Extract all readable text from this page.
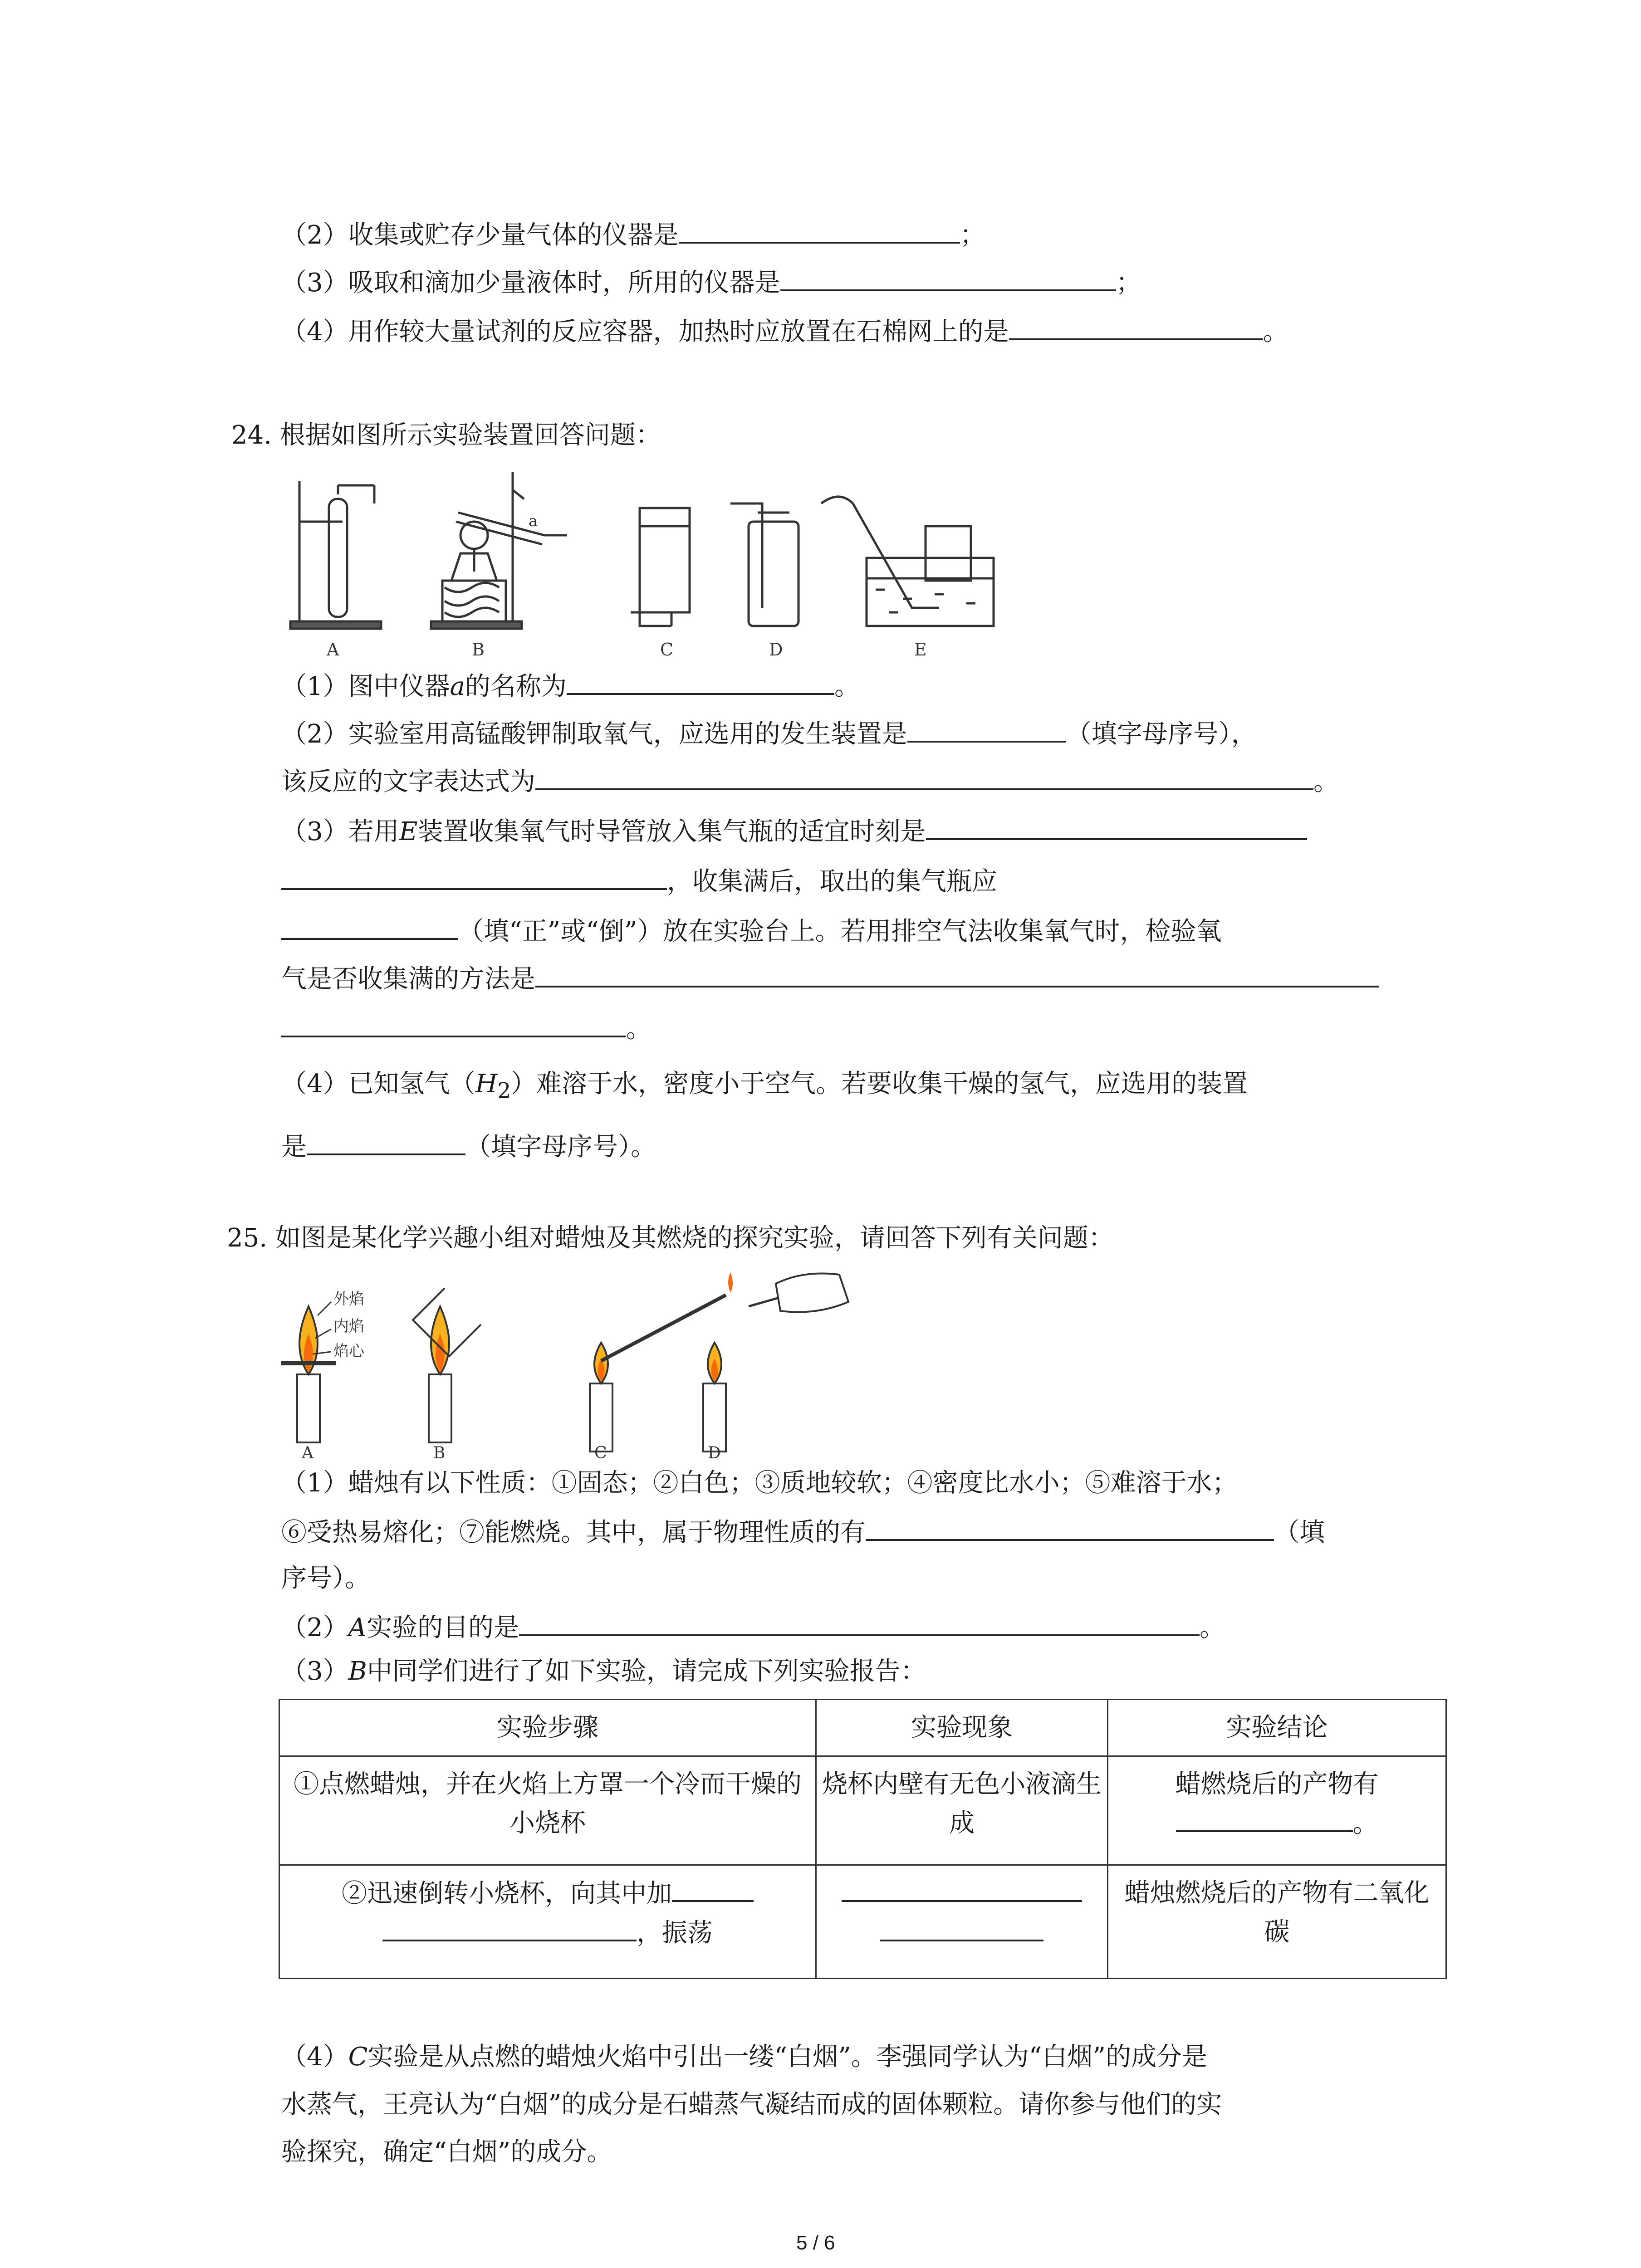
（2）收集或贮存少量气体的仪器是	；
（3）吸取和滴加少量液体时，所用的仪器是	；
（4）用作较大量试剂的反应容器，加热时应放置在石棉网上的是	。
24. 根据如图所示实验装置回答问题：
a
A	B	C	D	E
（1）图中仪器a的名称为	。
（2）实验室用高锰酸钾制取氧气，应选用的发生装置是	（填字母序号），
该反应的文字表达式为	。
（3）若用E装置收集氧气时导管放入集气瓶的适宜时刻是
，收集满后，取出的集气瓶应
（填“正”或“倒”）放在实验台上。若用排空气法收集氧气时，检验氧
气是否收集满的方法是
。
（4）已知氢气$(H_2)$难溶于水，密度小于空气。若要收集干燥的氢气，应选用的装置
是	（填字母序号）。
25. 如图是某化学兴趣小组对蜡烛及其燃烧的探究实验，请回答下列有关问题：
外焰
内焰
焰心
A	B	C	D
（1）蜡烛有以下性质：①固态；②白色；③质地较软；④密度比水小；⑤难溶于水；
⑥受热易熔化；⑦能燃烧。其中，属于物理性质的有	（填
序号）。
（2）A实验的目的是	。
（3）B中同学们进行了如下实验，请完成下列实验报告：
实验步骤	实验现象	实验结论
①点燃蜡烛，并在火焰上方罩一个冷而干燥的小烧杯	烧杯内壁有无色小液滴生成	蜡燃烧后的产物有
。
②迅速倒转小烧杯，向其中加
，振荡		蜡烛燃烧后的产物有二氧化碳
（4）C实验是从点燃的蜡烛火焰中引出一缕“白烟”。李强同学认为“白烟”的成分是
水蒸气，王亮认为“白烟”的成分是石蜡蒸气凝结而成的固体颗粒。请你参与他们的实
验探究，确定“白烟”的成分。
5 / 6
